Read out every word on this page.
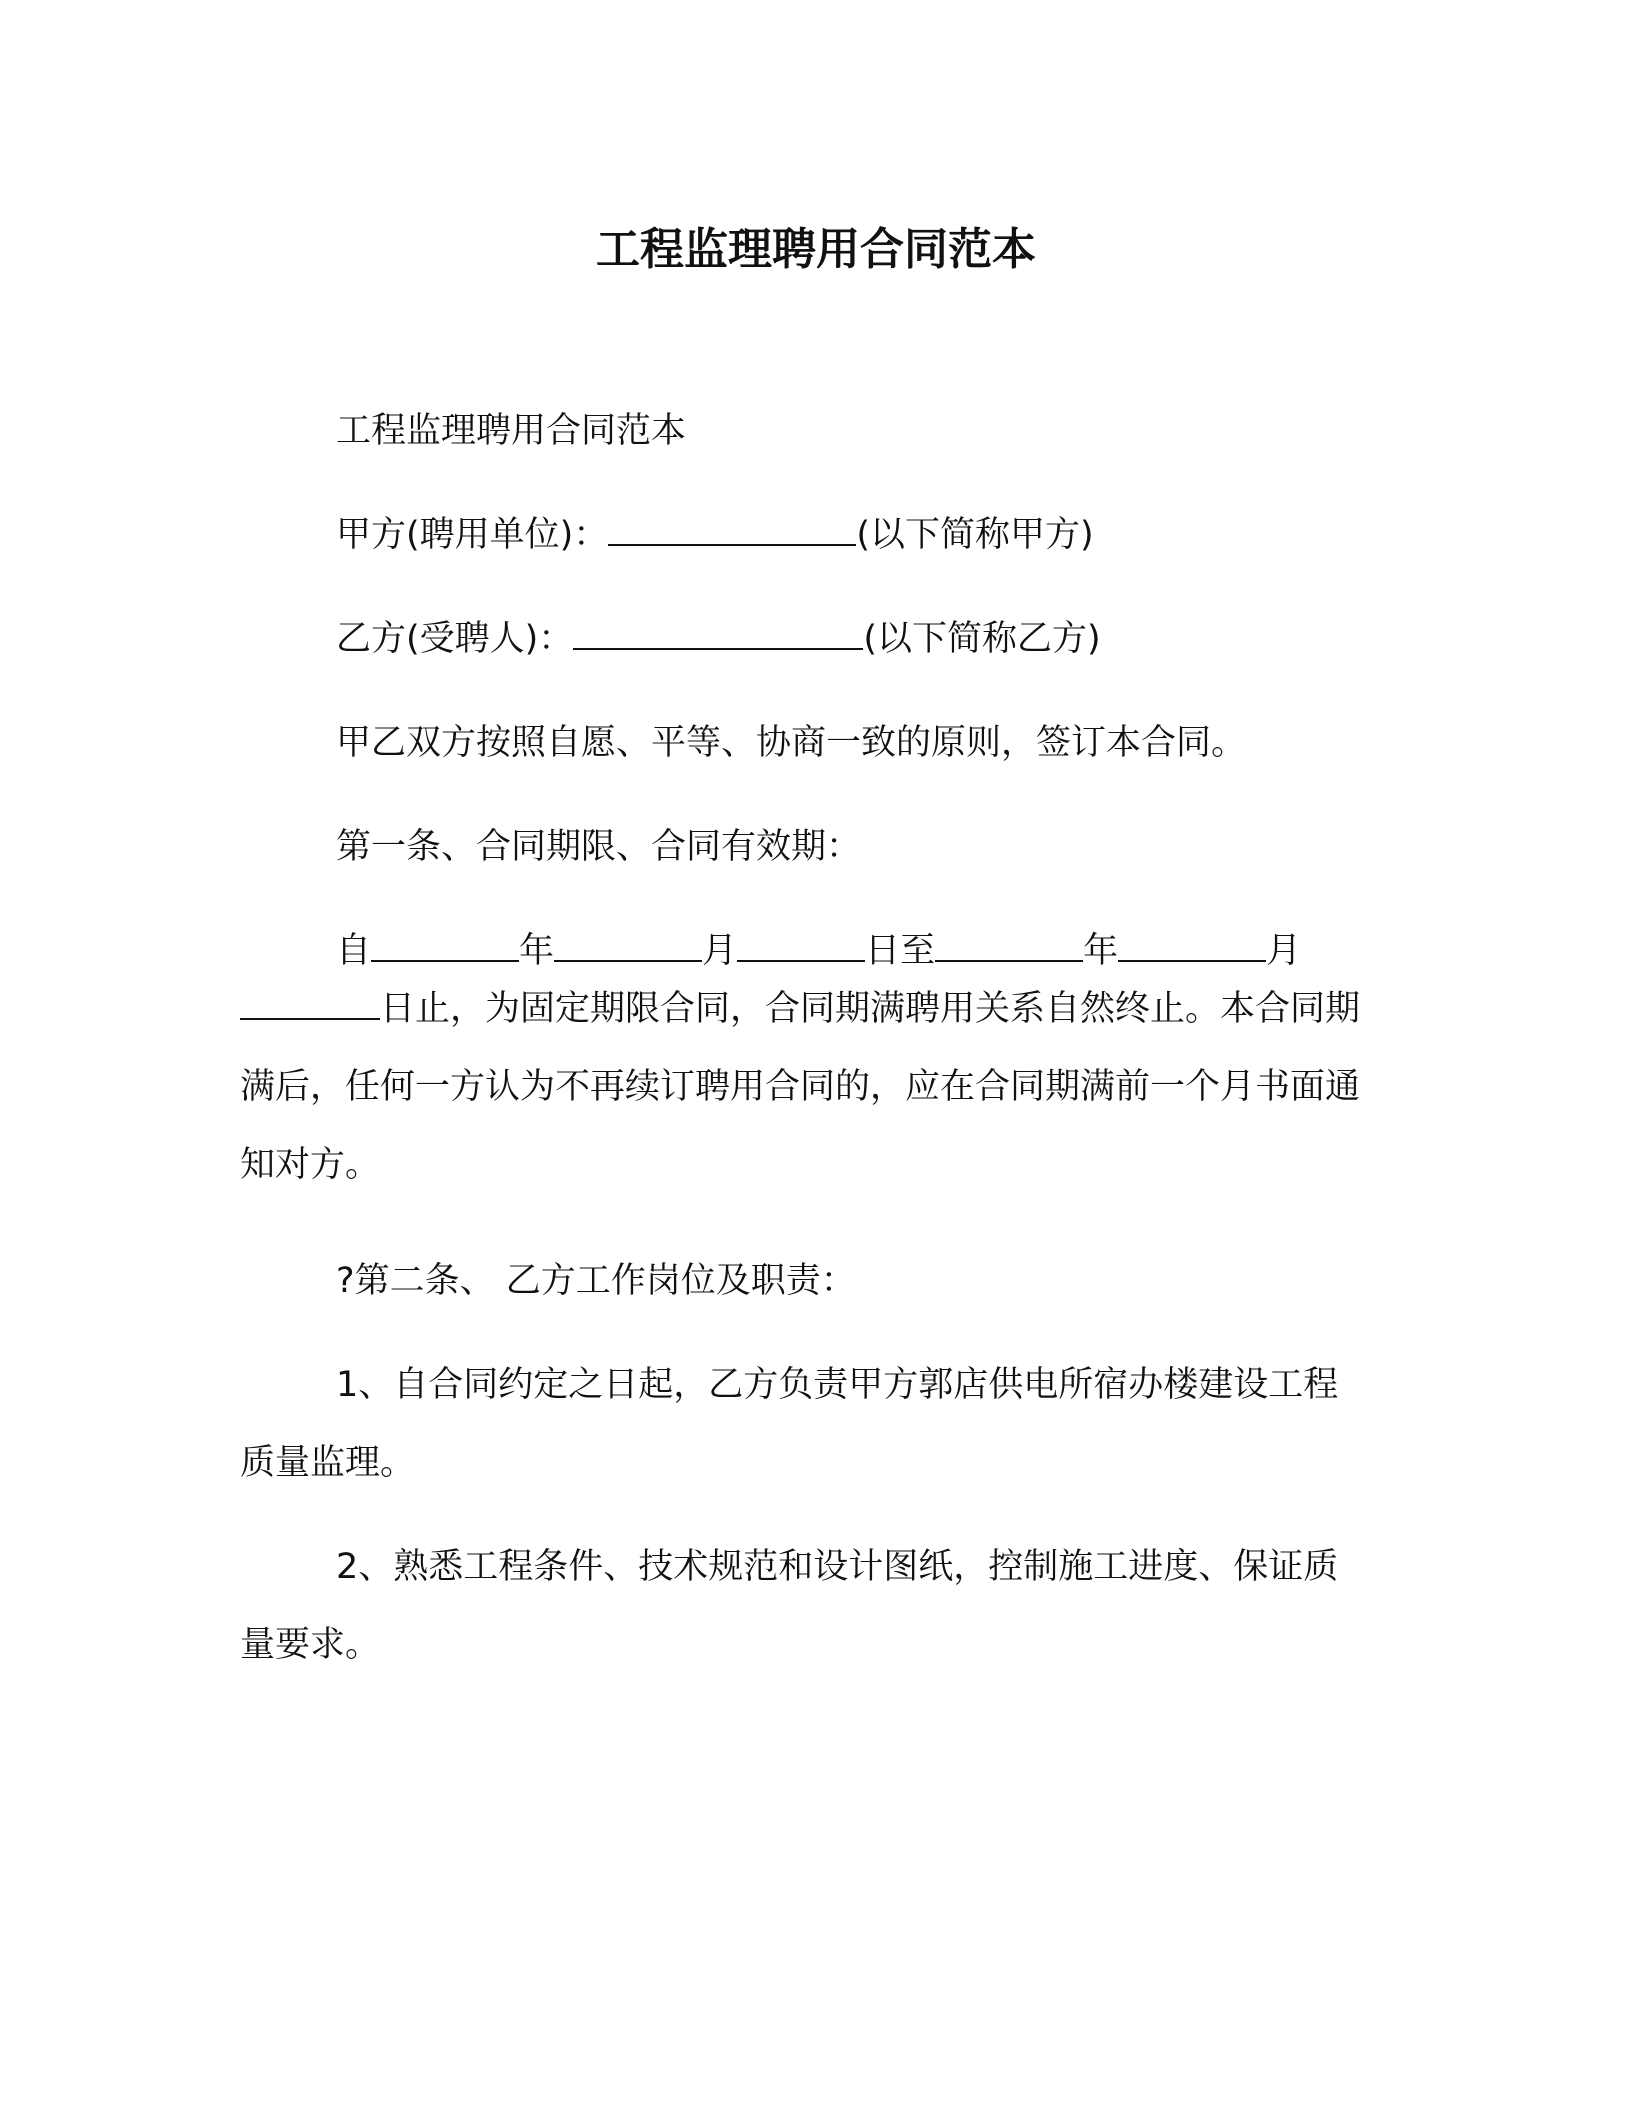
工程监理聘用合同范本

工程监理聘用合同范本

甲方(聘用单位)：	(以下简称甲方)

乙方(受聘人)：	(以下简称乙方)

甲乙双方按照自愿、平等、协商一致的原则，签订本合同。

第一条、合同期限、合同有效期：

自	年	月	日至	年	月

日止，为固定期限合同，合同期满聘用关系自然终止。本合同期满后，任何一方认为不再续订聘用合同的，应在合同期满前一个月书面通知对方。

?第二条、 乙方工作岗位及职责：

1、自合同约定之日起，乙方负责甲方郭店供电所宿办楼建设工程质量监理。

2、熟悉工程条件、技术规范和设计图纸，控制施工进度、保证质量要求。
